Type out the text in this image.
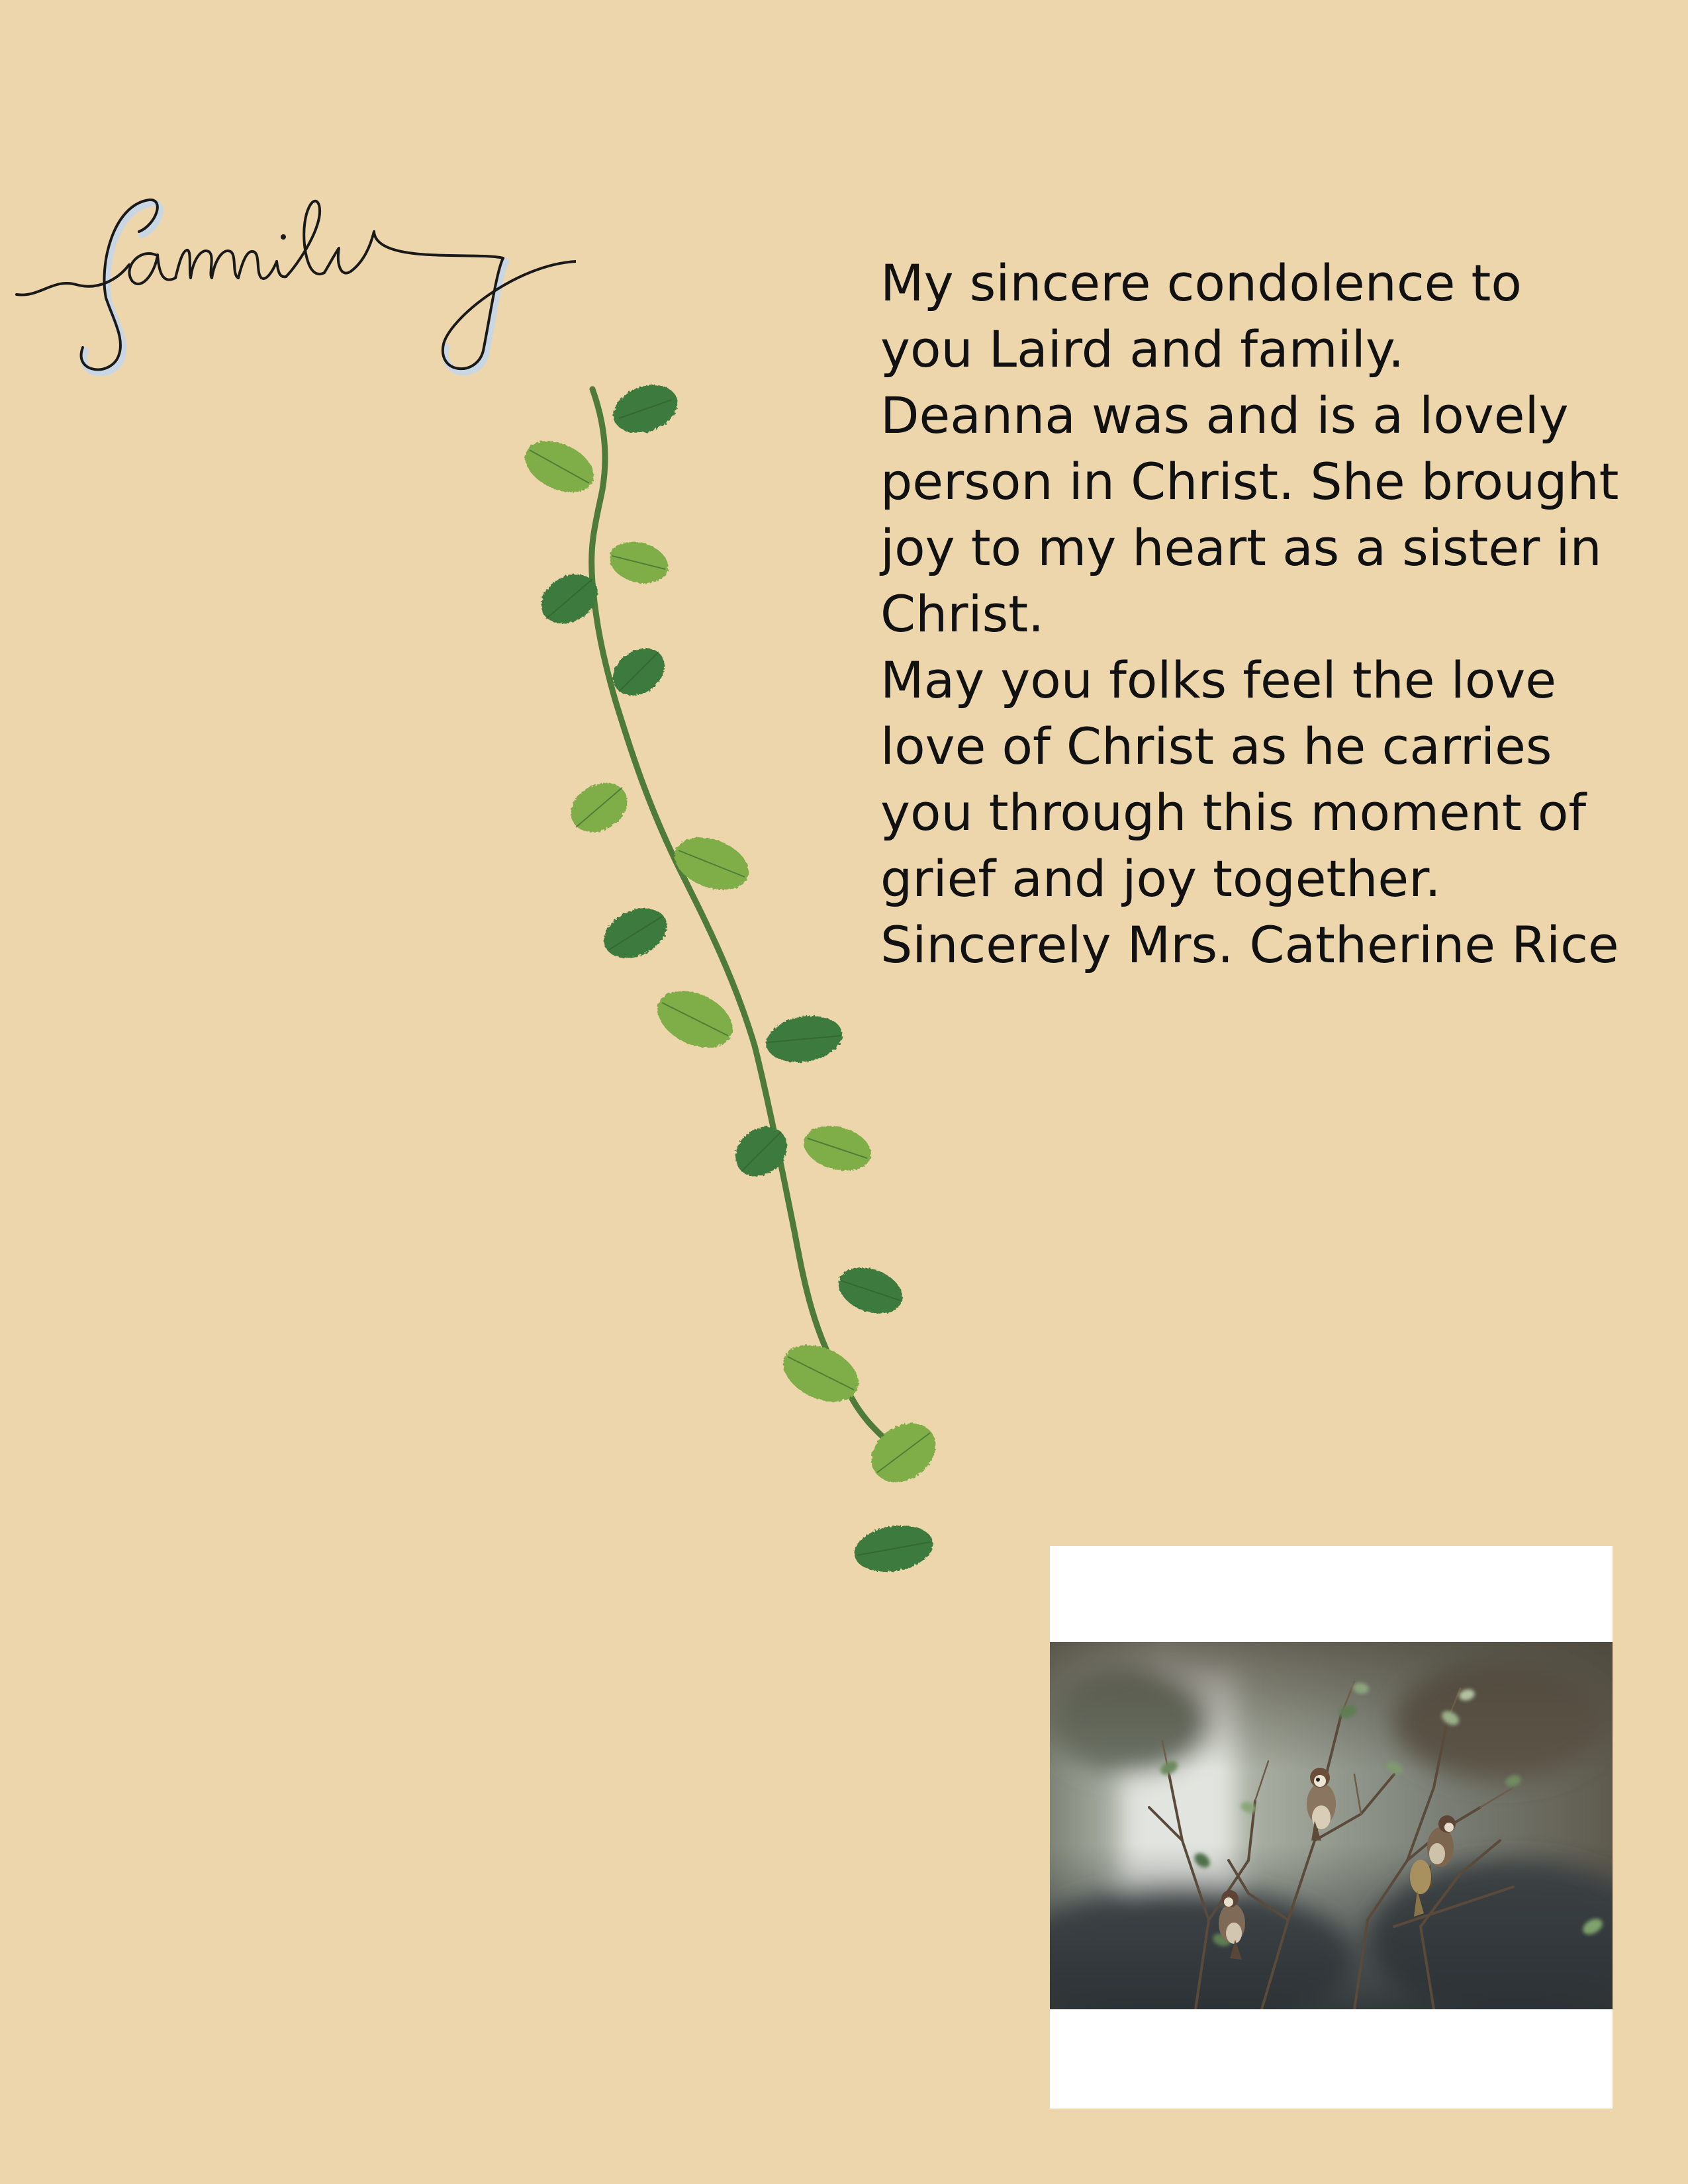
My sincere condolence to
you Laird and family.
Deanna was and is a lovely
person in Christ. She brought
joy to my heart as a sister in
Christ.
May you folks feel the love
love of Christ as he carries
you through this moment of
grief and joy together.
Sincerely Mrs. Catherine Rice
